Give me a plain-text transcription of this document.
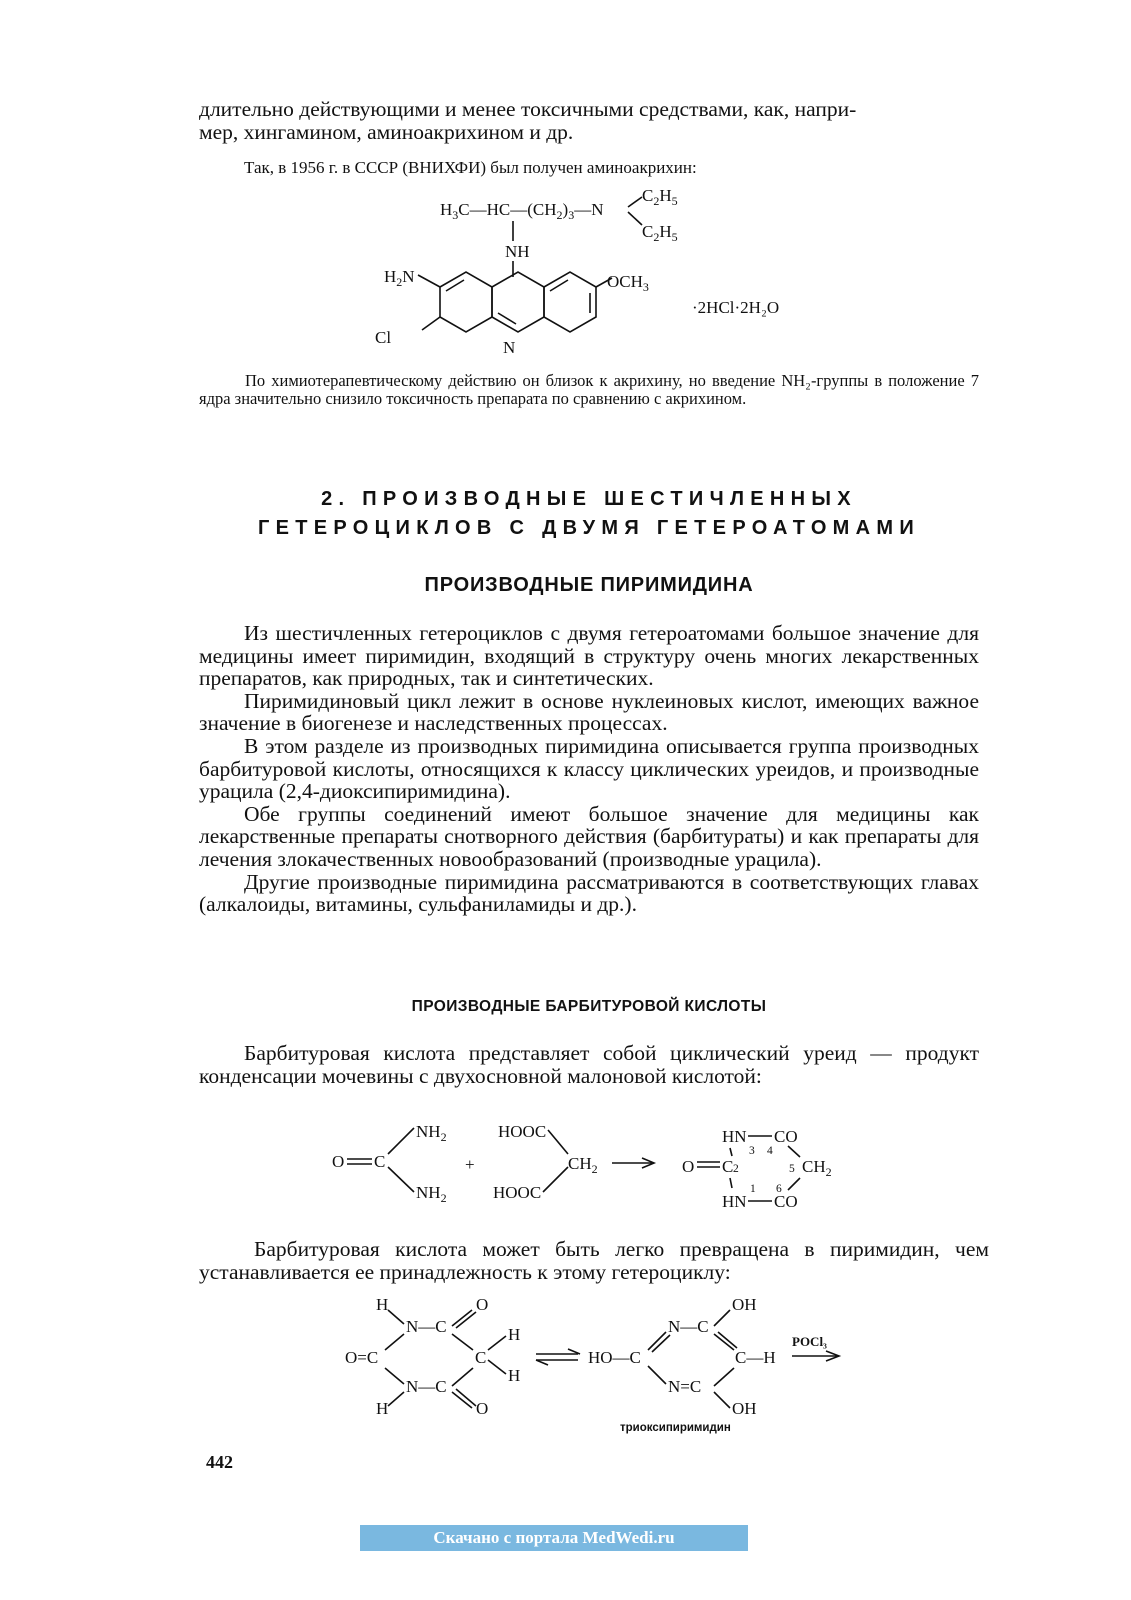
длительно действующими и менее токсичными средствами, как, напри-
мер, хингамином, аминоакрихином и др.
Так, в 1956 г. в СССР (ВНИХФИ) был получен аминоакрихин:
$H_3C—HC—(CH_2)_3—N$
$C_2H_5$
$C_2H_5$
NH
$H_2N$	$OCH_3$
Cl
N
·2HCl·2H₂O
По химиотерапевтическому действию он близок к акрихину, но введение NH₂-группы в положение 7 ядра значительно снизило токсичность препарата по сравнению с акрихином.
2. ПРОИЗВОДНЫЕ ШЕСТИЧЛЕННЫХ
ГЕТЕРОЦИКЛОВ С ДВУМЯ ГЕТЕРОАТОМАМИ
ПРОИЗВОДНЫЕ ПИРИМИДИНА
Из шестичленных гетероциклов с двумя гетероатомами большое значение для медицины имеет пиримидин, входящий в структуру очень многих лекарственных препаратов, как природных, так и синтетических.
Пиримидиновый цикл лежит в основе нуклеиновых кислот, имеющих важное значение в биогенезе и наследственных процессах.
В этом разделе из производных пиримидина описывается группа производных барбитуровой кислоты, относящихся к классу циклических уреидов, и производные урацила (2,4-диоксипиримидина).
Обе группы соединений имеют большое значение для медицины как лекарственные препараты снотворного действия (барбитураты) и как препараты для лечения злокачественных новообразований (производные урацила).
Другие производные пиримидина рассматриваются в соответствующих главах (алкалоиды, витамины, сульфаниламиды и др.).
ПРОИЗВОДНЫЕ БАРБИТУРОВОЙ КИСЛОТЫ
Барбитуровая кислота представляет собой циклический уреид — продукт конденсации мочевины с двухосновной малоновой кислотой:
O C
$NH_2$
$NH_2$
+
HOOC
HOOC
$CH_2$
HN CO
HN CO
O C	$CH_2$
2
3 4
5
1 6
Барбитуровая кислота может быть легко превращена в пиримидин, чем устанавливается ее принадлежность к этому гетероциклу:
H
N—C
O
O=C	C
H
H
N—C
H	O
HO—C
N—C
OH
C—H
N=C
OH
POCl₃
триоксипиримидин
442
Скачано с портала MedWedi.ru
